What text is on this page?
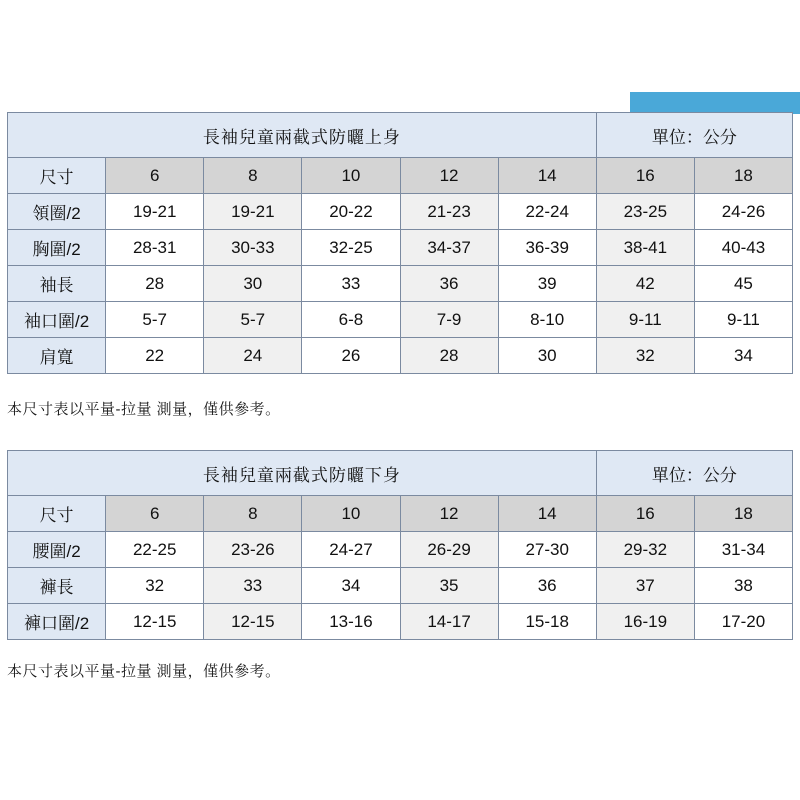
長袖兒童兩截式防曬上身						單位：公分	
尺寸	6	8	10	12	14	16	18
領圈/2	19-21	19-21	20-22	21-23	22-24	23-25	24-26
胸圍/2	28-31	30-33	32-25	34-37	36-39	38-41	40-43
袖長	28	30	33	36	39	42	45
袖口圍/2	5-7	5-7	6-8	7-9	8-10	9-11	9-11
肩寬	22	24	26	28	30	32	34
本尺寸表以平量-拉量 測量，僅供參考。
長袖兒童兩截式防曬下身						單位：公分	
尺寸	6	8	10	12	14	16	18
腰圍/2	22-25	23-26	24-27	26-29	27-30	29-32	31-34
褲長	32	33	34	35	36	37	38
褲口圍/2	12-15	12-15	13-16	14-17	15-18	16-19	17-20
本尺寸表以平量-拉量 測量，僅供參考。
